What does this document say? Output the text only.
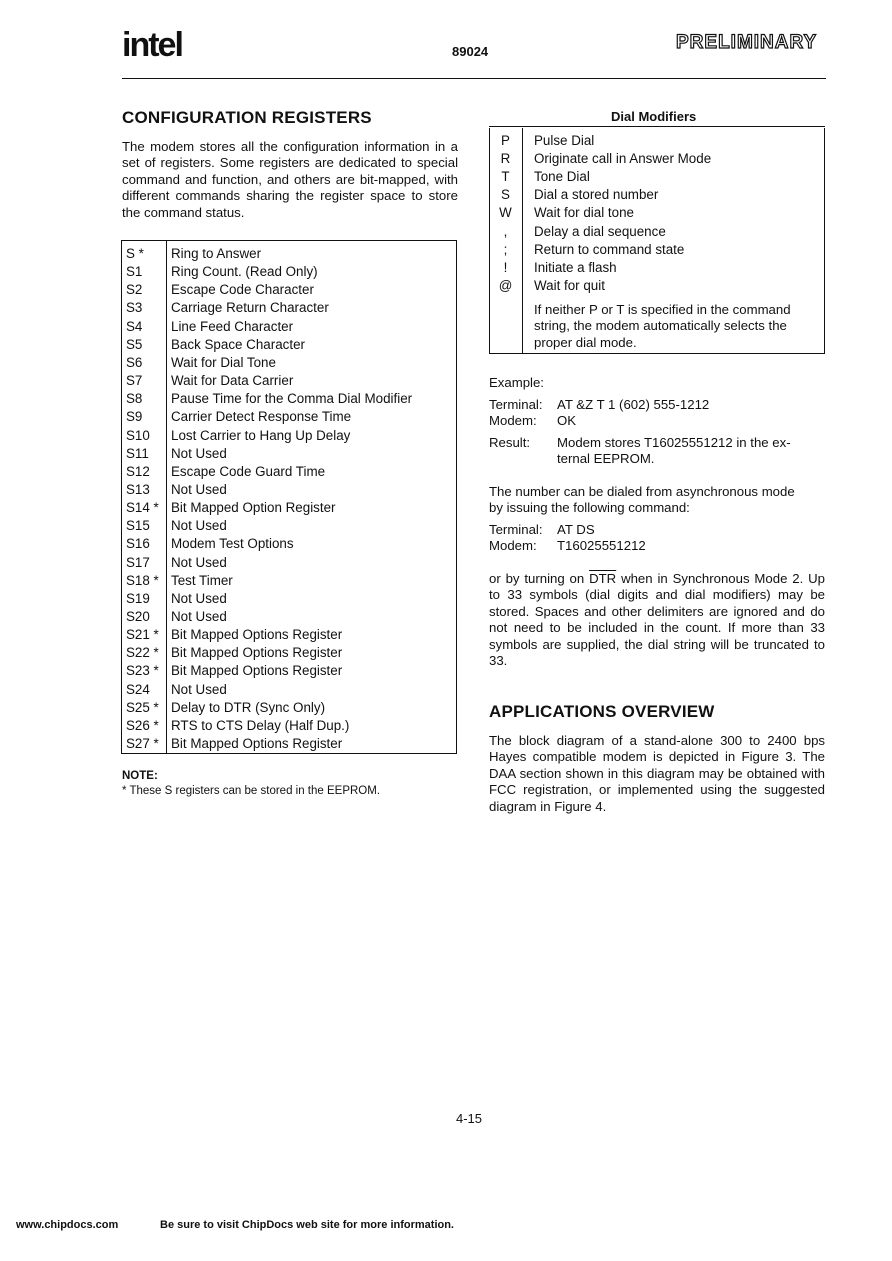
intel	89024	PRELIMINARY
CONFIGURATION REGISTERS

The modem stores all the configuration information in a set of registers. Some registers are dedicated to special command and function, and others are bit-mapped, with different commands sharing the register space to store the command status.

S *	Ring to Answer
S1	Ring Count. (Read Only)
S2	Escape Code Character
S3	Carriage Return Character
S4	Line Feed Character
S5	Back Space Character
S6	Wait for Dial Tone
S7	Wait for Data Carrier
S8	Pause Time for the Comma Dial Modifier
S9	Carrier Detect Response Time
S10	Lost Carrier to Hang Up Delay
S11	Not Used
S12	Escape Code Guard Time
S13	Not Used
S14 * Bit Mapped Option Register
S15	Not Used
S16	Modem Test Options
S17	Not Used
S18 * Test Timer
S19	Not Used
S20	Not Used
S21 * Bit Mapped Options Register
S22 * Bit Mapped Options Register
S23 * Bit Mapped Options Register
S24	Not Used
S25 * Delay to DTR (Sync Only)
S26 * RTS to CTS Delay (Half Dup.)
S27 * Bit Mapped Options Register
NOTE:
* These S registers can be stored in the EEPROM.
Dial Modifiers
P	Pulse Dial
R	Originate call in Answer Mode
T	Tone Dial
S	Dial a stored number
W	Wait for dial tone
,	Delay a dial sequence
;	Return to command state
!	Initiate a flash
@	Wait for quit
If neither P or T is specified in the command
string, the modem automatically selects the
proper dial mode.
Example:
Terminal: AT &Z T 1 (602) 555-1212
Modem: OK
Result: Modem stores T16025551212 in the ex-
ternal EEPROM.
The number can be dialed from asynchronous mode
by issuing the following command:
Terminal: AT DS
Modem: T16025551212

or by turning on $\overline{DTR}$ when in Synchronous Mode 2. Up to 33 symbols (dial digits and dial modifiers) may be stored. Spaces and other delimiters are ignored and do not need to be included in the count. If more than 33 symbols are supplied, the dial string will be truncated to 33.

APPLICATIONS OVERVIEW

The block diagram of a stand-alone 300 to 2400 bps Hayes compatible modem is depicted in Figure 3. The DAA section shown in this diagram may be obtained with FCC registration, or implemented using the suggested diagram in Figure 4.

4-15
www.chipdocs.com	Be sure to visit ChipDocs web site for more information.
